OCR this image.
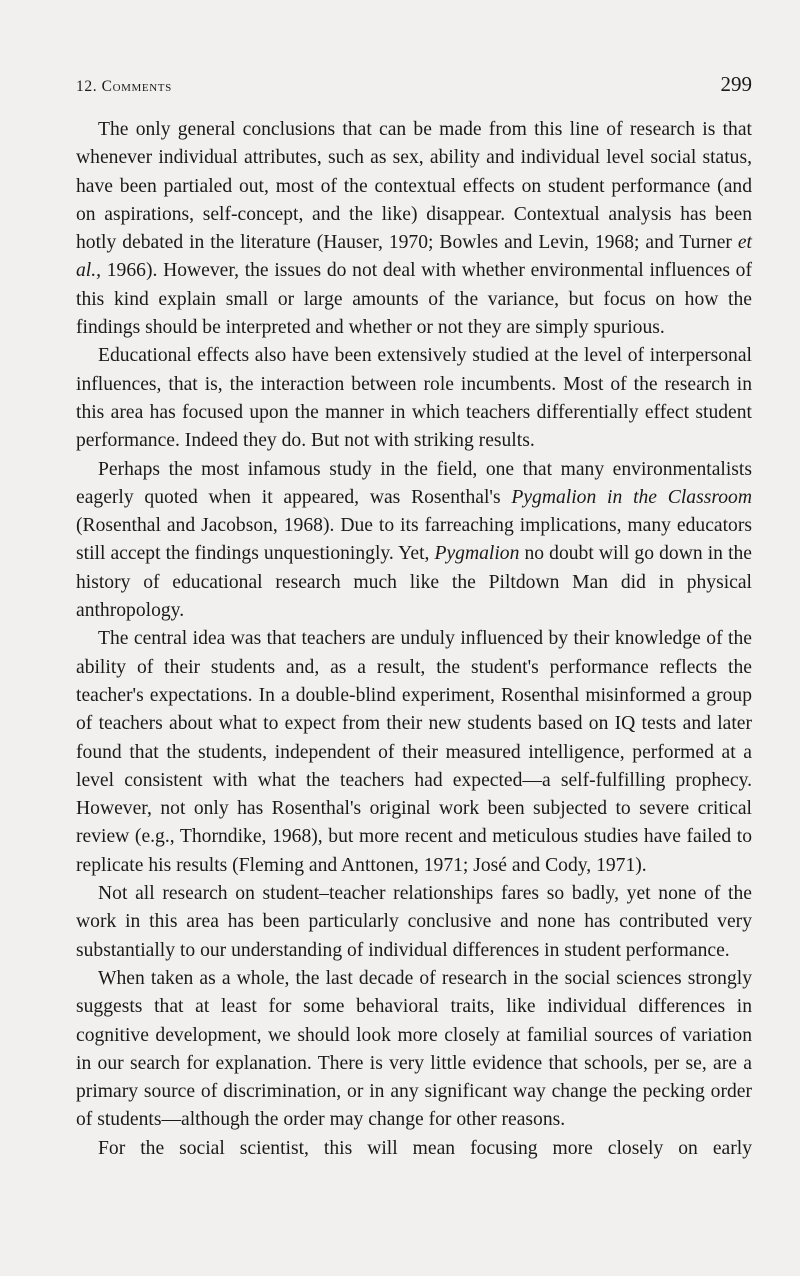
12. Comments	299

The only general conclusions that can be made from this line of research is that whenever individual attributes, such as sex, ability and individual level social status, have been partialed out, most of the contextual effects on student performance (and on aspirations, self-concept, and the like) disappear. Contextual analysis has been hotly debated in the literature (Hauser, 1970; Bowles and Levin, 1968; and Turner et al., 1966). However, the issues do not deal with whether environmental influences of this kind explain small or large amounts of the variance, but focus on how the findings should be interpreted and whether or not they are simply spurious.

Educational effects also have been extensively studied at the level of interpersonal influences, that is, the interaction between role incumbents. Most of the research in this area has focused upon the manner in which teachers differentially effect student performance. Indeed they do. But not with striking results.

Perhaps the most infamous study in the field, one that many environmentalists eagerly quoted when it appeared, was Rosenthal's Pygmalion in the Classroom (Rosenthal and Jacobson, 1968). Due to its farreaching implications, many educators still accept the findings unquestioningly. Yet, Pygmalion no doubt will go down in the history of educational research much like the Piltdown Man did in physical anthropology.

The central idea was that teachers are unduly influenced by their knowledge of the ability of their students and, as a result, the student's performance reflects the teacher's expectations. In a double-blind experiment, Rosenthal misinformed a group of teachers about what to expect from their new students based on IQ tests and later found that the students, independent of their measured intelligence, performed at a level consistent with what the teachers had expected—a self-fulfilling prophecy. However, not only has Rosenthal's original work been subjected to severe critical review (e.g., Thorndike, 1968), but more recent and meticulous studies have failed to replicate his results (Fleming and Anttonen, 1971; José and Cody, 1971).

Not all research on student–teacher relationships fares so badly, yet none of the work in this area has been particularly conclusive and none has contributed very substantially to our understanding of individual differences in student performance.

When taken as a whole, the last decade of research in the social sciences strongly suggests that at least for some behavioral traits, like individual differences in cognitive development, we should look more closely at familial sources of variation in our search for explanation. There is very little evidence that schools, per se, are a primary source of discrimination, or in any significant way change the pecking order of students—although the order may change for other reasons.

For the social scientist, this will mean focusing more closely on early
